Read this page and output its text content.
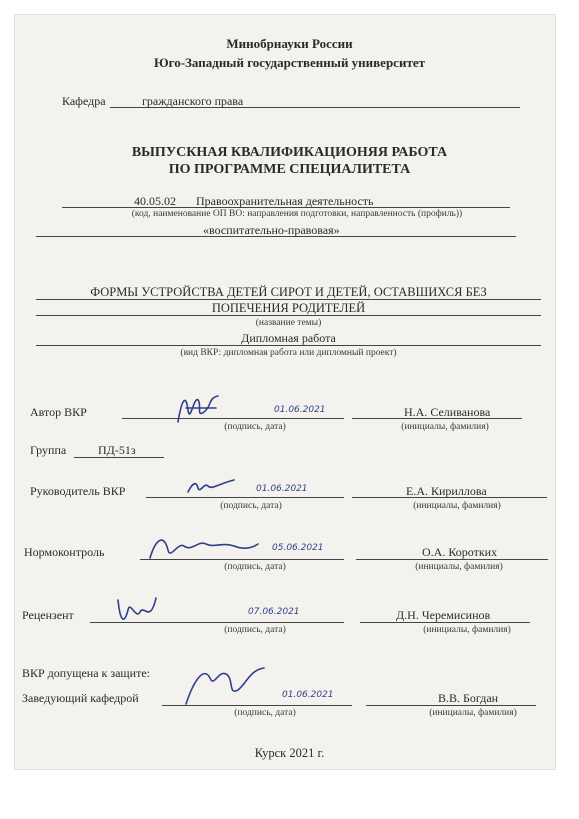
Минобрнауки России
Юго-Западный государственный университет
Кафедра	гражданского права
ВЫПУСКНАЯ КВАЛИФИКАЦИОНЯЯ РАБОТА
ПО ПРОГРАММЕ СПЕЦИАЛИТЕТА
40.05.02 Правоохранительная деятельность
(код, наименование ОП ВО: направления подготовки, направленность (профиль))
«воспитательно-правовая»
ФОРМЫ УСТРОЙСТВА ДЕТЕЙ СИРОТ И ДЕТЕЙ, ОСТАВШИХСЯ БЕЗ
ПОПЕЧЕНИЯ РОДИТЕЛЕЙ
(название темы)
Дипломная работа
(вид ВКР: дипломная работа или дипломный проект)
Автор ВКР	01.06.2021
(подпись, дата)
Н.А. Селиванова
(инициалы, фамилия)
Группа	ПД-51з
Руководитель ВКР	01.06.2021
(подпись, дата)
Е.А. Кириллова
(инициалы, фамилия)
Нормоконтроль	05.06.2021
(подпись, дата)
О.А. Коротких
(инициалы, фамилия)
Рецензент	07.06.2021
(подпись, дата)
Д.Н. Черемисинов
(инициалы, фамилия)
ВКР допущена к защите:
Заведующий кафедрой	01.06.2021
(подпись, дата)
В.В. Богдан
(инициалы, фамилия)
Курск 2021 г.
